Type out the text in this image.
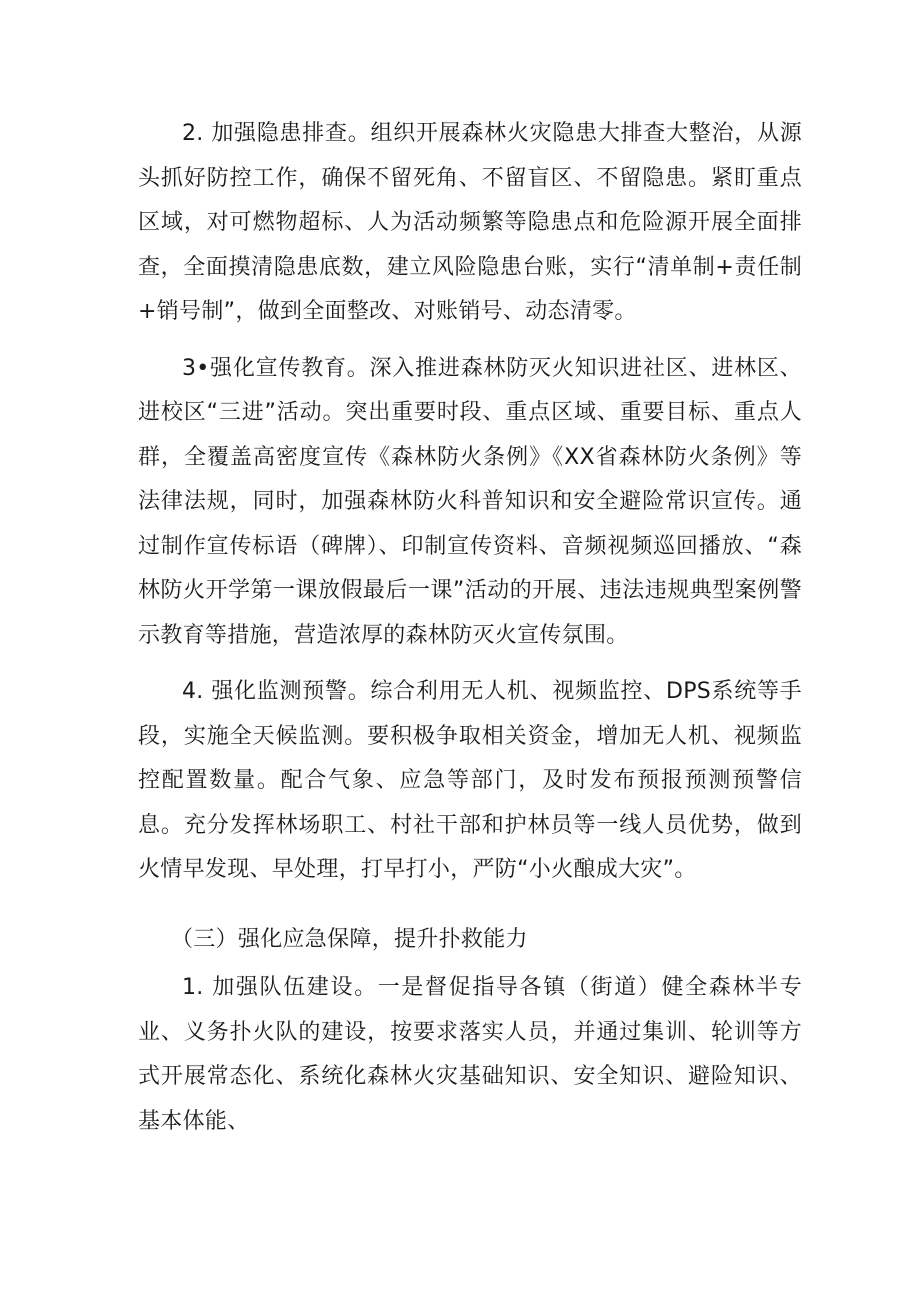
2. 加强隐患排查。组织开展森林火灾隐患大排查大整治，从源头抓好防控工作，确保不留死角、不留盲区、不留隐患。紧盯重点区域，对可燃物超标、人为活动频繁等隐患点和危险源开展全面排查，全面摸清隐患底数，建立风险隐患台账，实行“清单制+责任制+销号制”，做到全面整改、对账销号、动态清零。

3•强化宣传教育。深入推进森林防灭火知识进社区、进林区、进校区“三进”活动。突出重要时段、重点区域、重要目标、重点人群，全覆盖高密度宣传《森林防火条例》《XX省森林防火条例》等法律法规，同时，加强森林防火科普知识和安全避险常识宣传。通过制作宣传标语（碑牌）、印制宣传资料、音频视频巡回播放、“森林防火开学第一课放假最后一课”活动的开展、违法违规典型案例警示教育等措施，营造浓厚的森林防灭火宣传氛围。

4. 强化监测预警。综合利用无人机、视频监控、DPS系统等手段，实施全天候监测。要积极争取相关资金，增加无人机、视频监控配置数量。配合气象、应急等部门，及时发布预报预测预警信息。充分发挥林场职工、村社干部和护林员等一线人员优势，做到火情早发现、早处理，打早打小，严防“小火酿成大灾”。

（三）强化应急保障，提升扑救能力

1. 加强队伍建设。一是督促指导各镇（街道）健全森林半专业、义务扑火队的建设，按要求落实人员，并通过集训、轮训等方式开展常态化、系统化森林火灾基础知识、安全知识、避险知识、基本体能、
